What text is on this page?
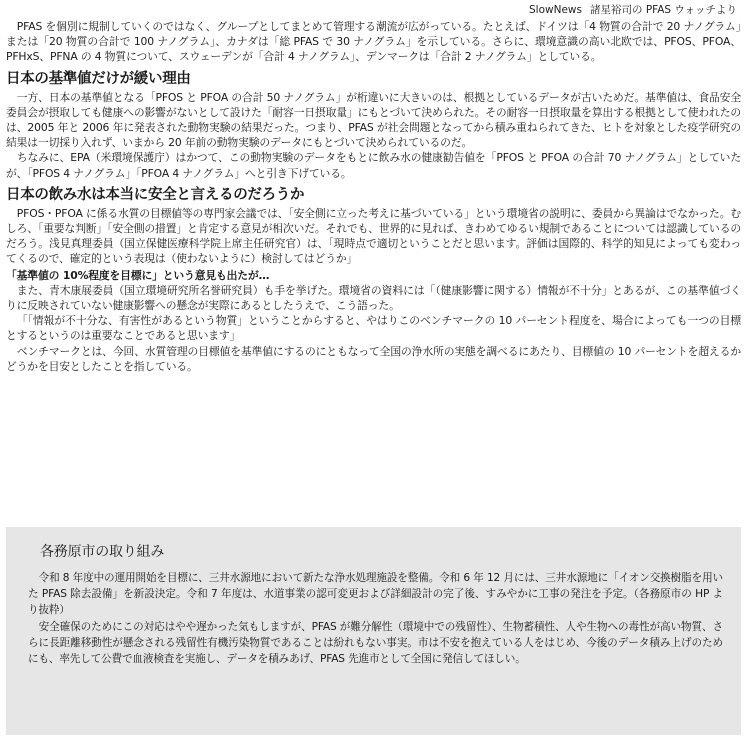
SlowNews 諸星裕司の PFAS ウォッチより

PFAS を個別に規制していくのではなく、グループとしてまとめて管理する潮流が広がっている。たとえば、ドイツは「4 物質の合計で 20 ナノグラム」または「20 物質の合計で 100 ナノグラム」、カナダは「総 PFAS で 30 ナノグラム」を示している。さらに、環境意識の高い北欧では、PFOS、PFOA、PFHxS、PFNA の 4 物質について、スウェーデンが「合計 4 ナノグラム」、デンマークは「合計 2 ナノグラム」としている。

日本の基準値だけが緩い理由

一方、日本の基準値となる「PFOS と PFOA の合計 50 ナノグラム」が桁違いに大きいのは、根拠としているデータが古いためだ。基準値は、食品安全委員会が摂取しても健康への影響がないとして設けた「耐容一日摂取量」にもとづいて決められた。その耐容一日摂取量を算出する根拠として使われたのは、2005 年と 2006 年に発表された動物実験の結果だった。つまり、PFAS が社会問題となってから積み重ねられてきた、ヒトを対象とした疫学研究の結果は一切採り入れず、いまから 20 年前の動物実験のデータにもとづいて決められているのだ。

ちなみに、EPA（米環境保護庁）はかつて、この動物実験のデータをもとに飲み水の健康勧告値を「PFOS と PFOA の合計 70 ナノグラム」としていたが、「PFOS 4 ナノグラム」「PFOA 4 ナノグラム」へと引き下げている。

日本の飲み水は本当に安全と言えるのだろうか

PFOS・PFOA に係る水質の目標値等の専門家会議では、「安全側に立った考えに基づいている」という環境省の説明に、委員から異論はでなかった。むしろ、「重要な判断」「安全側の措置」と肯定する意見が相次いだ。それでも、世界的に見れば、きわめてゆるい規制であることについては認識しているのだろう。浅見真理委員（国立保健医療科学院上席主任研究官）は、「現時点で適切ということだと思います。評価は国際的、科学的知見によっても変わってくるので、確定的という表現は（使わないように）検討してはどうか」

「基準値の 10%程度を目標に」という意見も出たが…

また、青木康展委員（国立環境研究所名誉研究員）も手を挙げた。環境省の資料には「（健康影響に関する）情報が不十分」とあるが、この基準値づくりに反映されていない健康影響への懸念が実際にあるとしたうえで、こう語った。

「「情報が不十分な、有害性があるという物質」ということからすると、やはりこのベンチマークの 10 パーセント程度を、場合によっても一つの目標とするというのは重要なことであると思います」

ベンチマークとは、今回、水質管理の目標値を基準値にするのにともなって全国の浄水所の実態を調べるにあたり、目標値の 10 パーセントを超えるかどうかを目安としたことを指している。

各務原市の取り組み

令和 8 年度中の運用開始を目標に、三井水源地において新たな浄水処理施設を整備。令和 6 年 12 月には、三井水源地に「イオン交換樹脂を用いた PFAS 除去設備」を新設決定。令和 7 年度は、水道事業の認可変更および詳細設計の完了後、すみやかに工事の発注を予定。（各務原市の HP より抜粋）

安全確保のためにこの対応はやや遅かった気もしますが、PFAS が難分解性（環境中での残留性）、生物蓄積性、人や生物への毒性が高い物質、さらに長距離移動性が懸念される残留性有機汚染物質であることは紛れもない事実。市は不安を抱えている人をはじめ、今後のデータ積み上げのためにも、率先して公費で血液検査を実施し、データを積みあげ、PFAS 先進市として全国に発信してほしい。
